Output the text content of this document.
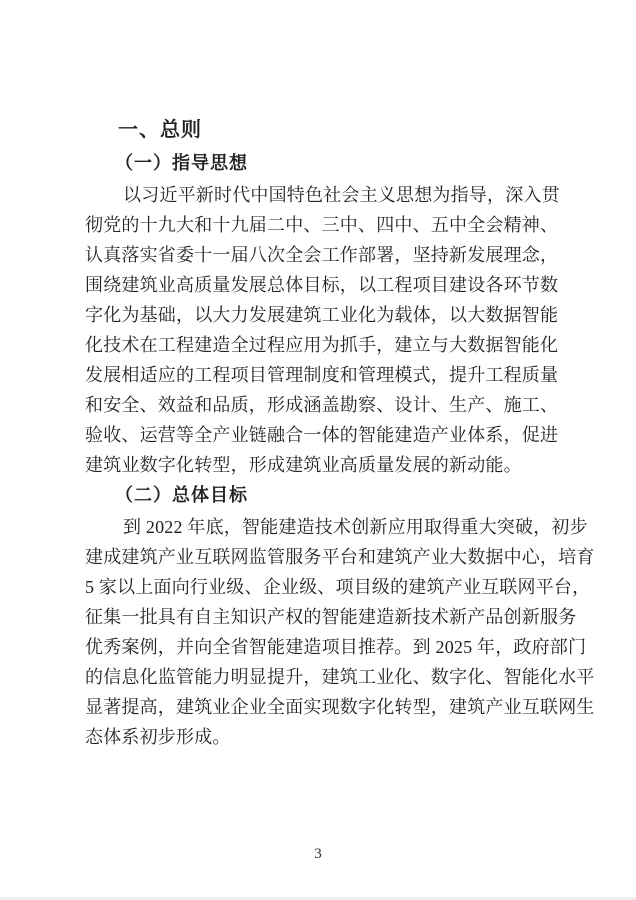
一、总则
（一）指导思想
以习近平新时代中国特色社会主义思想为指导，深入贯
彻党的十九大和十九届二中、三中、四中、五中全会精神、
认真落实省委十一届八次全会工作部署，坚持新发展理念，
围绕建筑业高质量发展总体目标，以工程项目建设各环节数
字化为基础，以大力发展建筑工业化为载体，以大数据智能
化技术在工程建造全过程应用为抓手，建立与大数据智能化
发展相适应的工程项目管理制度和管理模式，提升工程质量
和安全、效益和品质，形成涵盖勘察、设计、生产、施工、
验收、运营等全产业链融合一体的智能建造产业体系，促进
建筑业数字化转型，形成建筑业高质量发展的新动能。
（二）总体目标
到 2022 年底，智能建造技术创新应用取得重大突破，初步
建成建筑产业互联网监管服务平台和建筑产业大数据中心，培育
5 家以上面向行业级、企业级、项目级的建筑产业互联网平台，
征集一批具有自主知识产权的智能建造新技术新产品创新服务
优秀案例，并向全省智能建造项目推荐。到 2025 年，政府部门
的信息化监管能力明显提升，建筑工业化、数字化、智能化水平
显著提高，建筑业企业全面实现数字化转型，建筑产业互联网生
态体系初步形成。
3
